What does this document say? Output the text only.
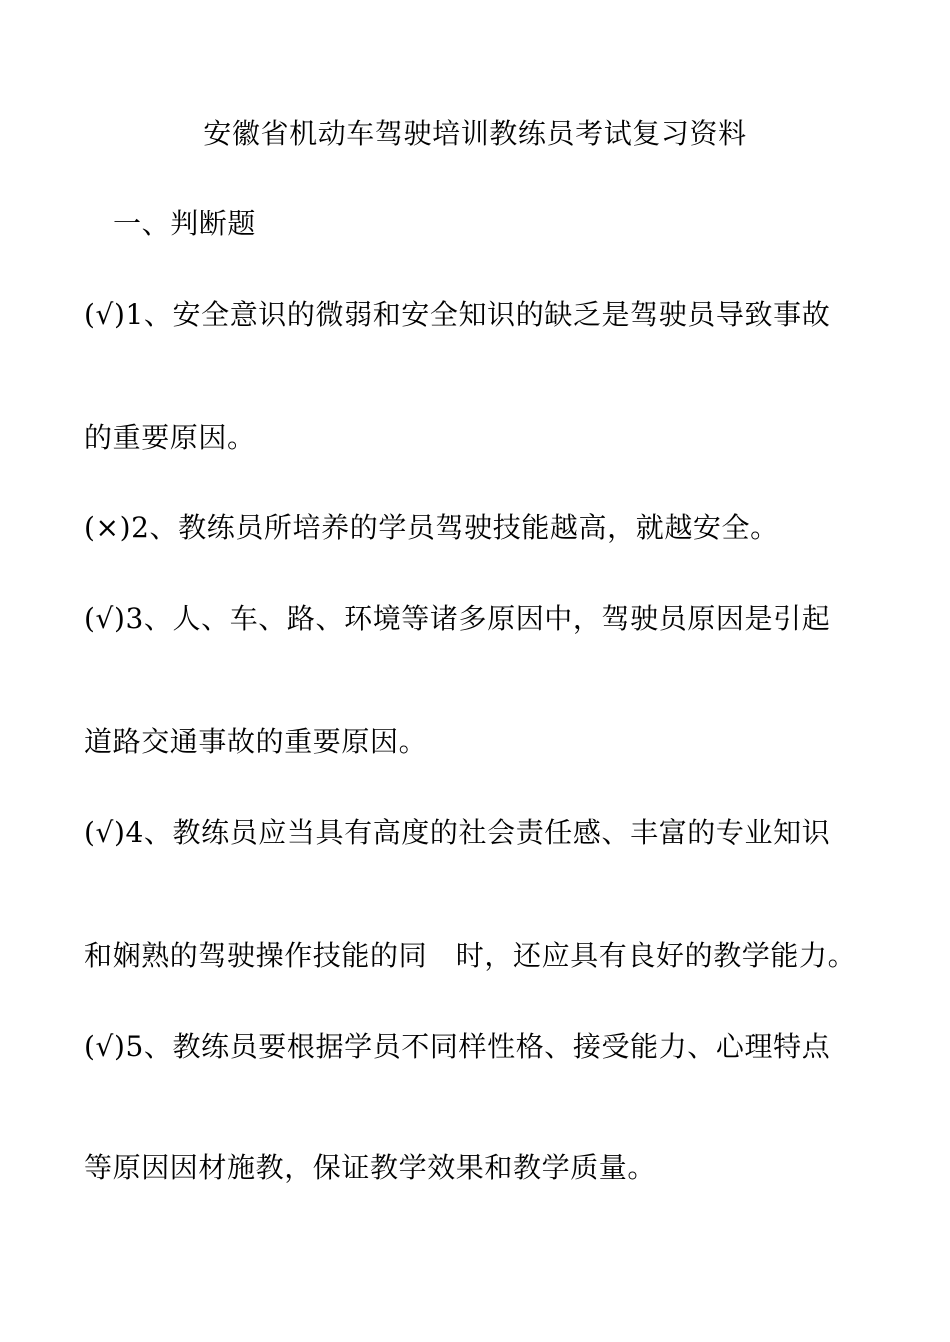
安徽省机动车驾驶培训教练员考试复习资料
一、判断题
(√)1、安全意识的微弱和安全知识的缺乏是驾驶员导致事故
的重要原因。
(×)2、教练员所培养的学员驾驶技能越高，就越安全。
(√)3、人、车、路、环境等诸多原因中，驾驶员原因是引起
道路交通事故的重要原因。
(√)4、教练员应当具有高度的社会责任感、丰富的专业知识
和娴熟的驾驶操作技能的同　时，还应具有良好的教学能力。
(√)5、教练员要根据学员不同样性格、接受能力、心理特点
等原因因材施教，保证教学效果和教学质量。
